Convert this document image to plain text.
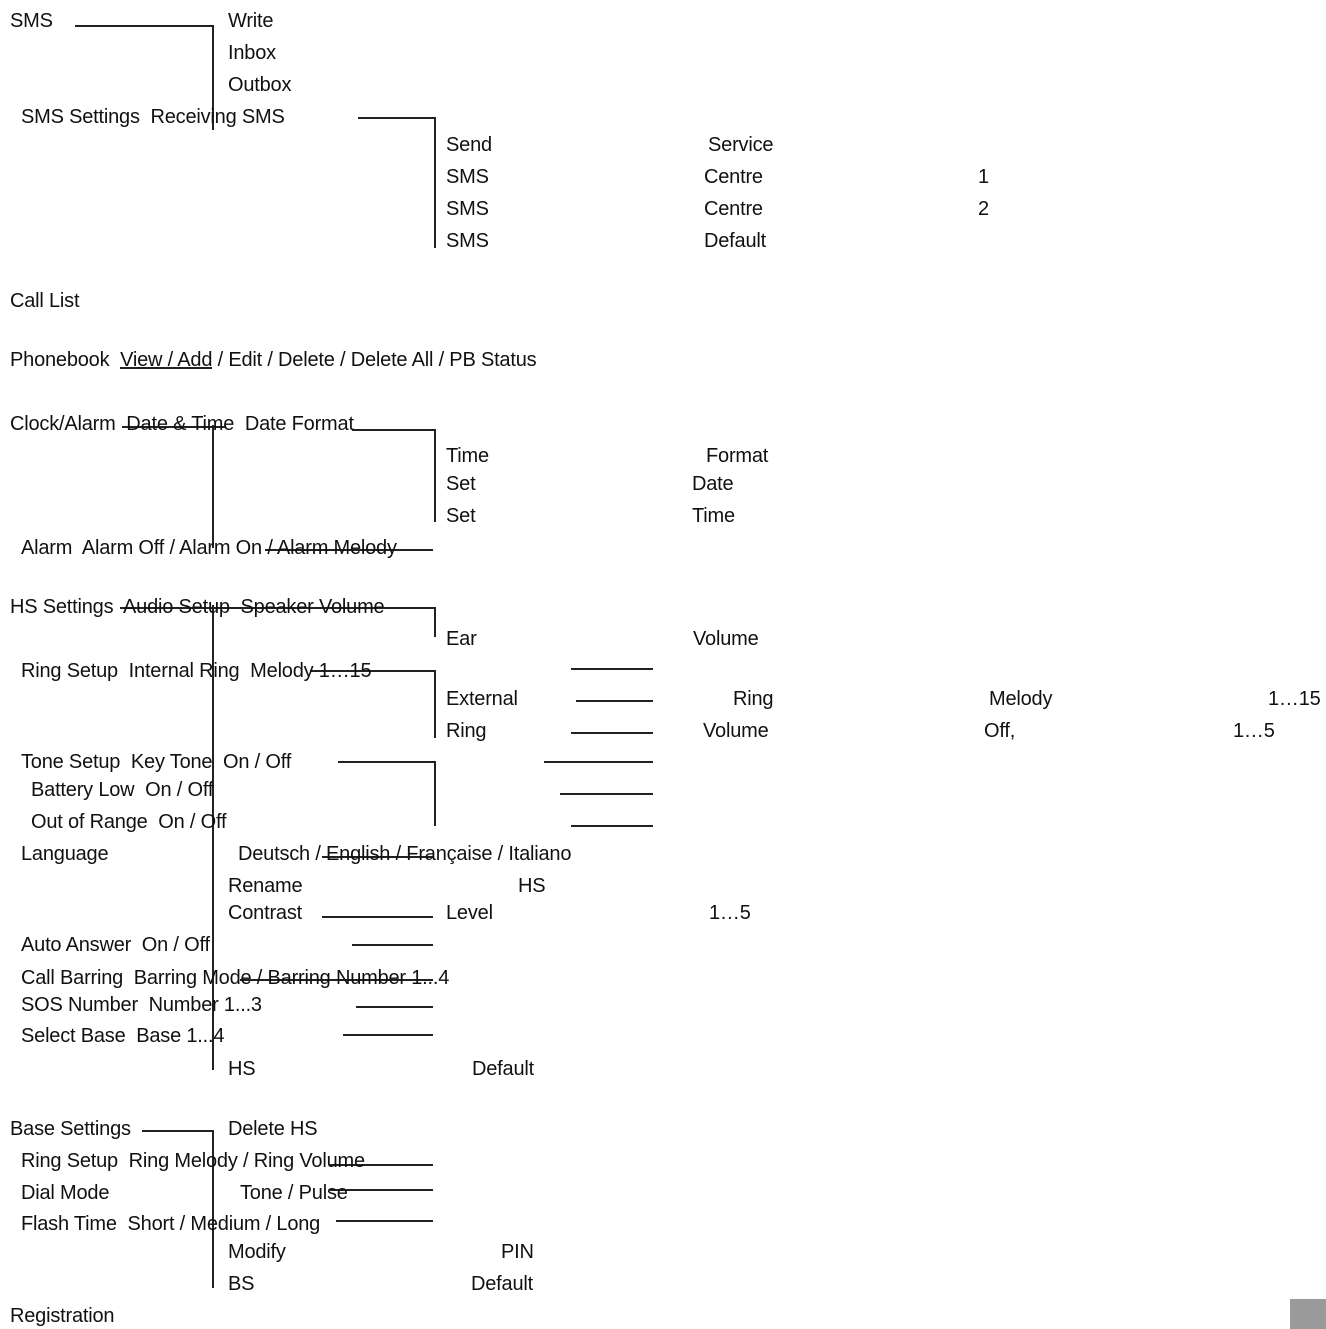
SMS	Write
Inbox
Outbox
SMS Settings  Receiving SMS
Send	Service
SMS	Centre	1
SMS	Centre	2
SMS	Default
Call List
Phonebook  View / Add / Edit / Delete / Delete All / PB Status
Clock/Alarm  Date & Time  Date Format
Time	Format
Set	Date
Set	Time
Alarm  Alarm Off / Alarm On / Alarm Melody
HS Settings  Audio Setup  Speaker Volume
Ear	Volume
Ring Setup  Internal Ring  Melody 1…15
External	Ring	Melody	1…15
Ring	Volume	Off,	1…5
Tone Setup  Key Tone  On / Off
Battery Low  On / Off
Out of Range  On / Off
Language	Deutsch / English / Française / Italiano
Rename	HS
Contrast	Level	1…5
Auto Answer  On / Off
Call Barring  Barring Mode / Barring Number 1...4
SOS Number  Number 1...3
Select Base  Base 1...4
HS	Default
Base Settings	Delete HS
Ring Setup  Ring Melody / Ring Volume
Dial Mode	Tone / Pulse
Flash Time  Short / Medium / Long
Modify	PIN
BS	Default
Registration
